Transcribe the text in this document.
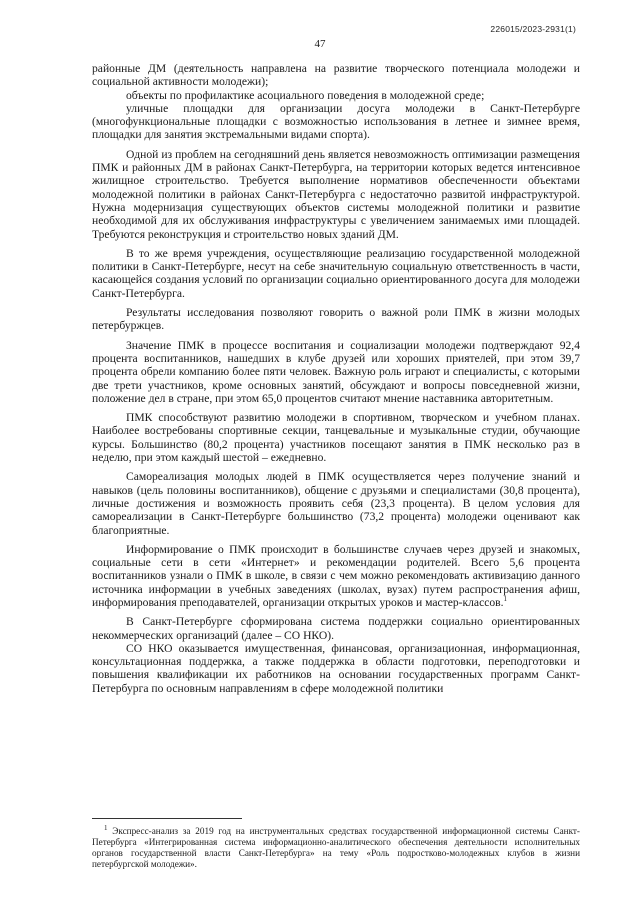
226015/2023-2931(1)
47

районные ДМ (деятельность направлена на развитие творческого потенциала молодежи и социальной активности молодежи);

объекты по профилактике асоциального поведения в молодежной среде;

уличные площадки для организации досуга молодежи в Санкт-Петербурге (многофункциональные площадки с возможностью использования в летнее и зимнее время, площадки для занятия экстремальными видами спорта).

Одной из проблем на сегодняшний день является невозможность оптимизации размещения ПМК и районных ДМ в районах Санкт-Петербурга, на территории которых ведется интенсивное жилищное строительство. Требуется выполнение нормативов обеспеченности объектами молодежной политики в районах Санкт-Петербурга с недостаточно развитой инфраструктурой. Нужна модернизация существующих объектов системы молодежной политики и развитие необходимой для их обслуживания инфраструктуры с увеличением занимаемых ими площадей. Требуются реконструкция и строительство новых зданий ДМ.

В то же время учреждения, осуществляющие реализацию государственной молодежной политики в Санкт-Петербурге, несут на себе значительную социальную ответственность в части, касающейся создания условий по организации социально ориентированного досуга для молодежи Санкт-Петербурга.

Результаты исследования позволяют говорить о важной роли ПМК в жизни молодых петербуржцев.

Значение ПМК в процессе воспитания и социализации молодежи подтверждают 92,4 процента воспитанников, нашедших в клубе друзей или хороших приятелей, при этом 39,7 процента обрели компанию более пяти человек. Важную роль играют и специалисты, с которыми две трети участников, кроме основных занятий, обсуждают и вопросы повседневной жизни, положение дел в стране, при этом 65,0 процентов считают мнение наставника авторитетным.

ПМК способствуют развитию молодежи в спортивном, творческом и учебном планах. Наиболее востребованы спортивные секции, танцевальные и музыкальные студии, обучающие курсы. Большинство (80,2 процента) участников посещают занятия в ПМК несколько раз в неделю, при этом каждый шестой – ежедневно.

Самореализация молодых людей в ПМК осуществляется через получение знаний и навыков (цель половины воспитанников), общение с друзьями и специалистами (30,8 процента), личные достижения и возможность проявить себя (23,3 процента). В целом условия для самореализации в Санкт-Петербурге большинство (73,2 процента) молодежи оценивают как благоприятные.

Информирование о ПМК происходит в большинстве случаев через друзей и знакомых, социальные сети в сети «Интернет» и рекомендации родителей. Всего 5,6 процента воспитанников узнали о ПМК в школе, в связи с чем можно рекомендовать активизацию данного источника информации в учебных заведениях (школах, вузах) путем распространения афиш, информирования преподавателей, организации открытых уроков и мастер-классов.$^1$

В Санкт-Петербурге сформирована система поддержки социально ориентированных некоммерческих организаций (далее – СО НКО).

СО НКО оказывается имущественная, финансовая, организационная, информационная, консультационная поддержка, а также поддержка в области подготовки, переподготовки и повышения квалификации их работников на основании государственных программ Санкт-Петербурга по основным направлениям в сфере молодежной политики

$^1$ Экспресс-анализ за 2019 год на инструментальных средствах государственной информационной системы Санкт-Петербурга «Интегрированная система информационно-аналитического обеспечения деятельности исполнительных органов государственной власти Санкт-Петербурга» на тему «Роль подростково-молодежных клубов в жизни петербургской молодежи».
